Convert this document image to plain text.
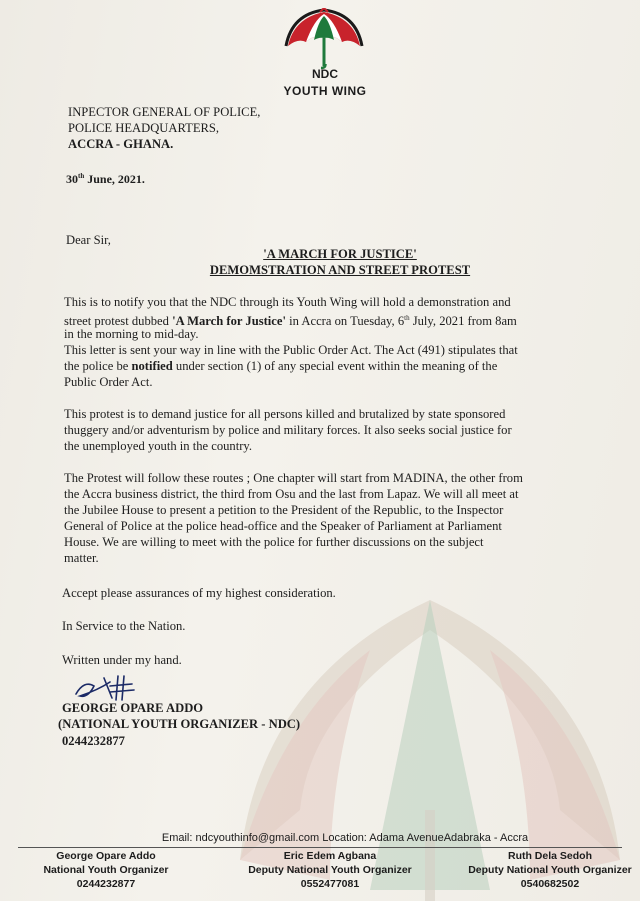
NDC
YOUTH WING
INPECTOR GENERAL OF POLICE,
POLICE HEADQUARTERS,
ACCRA - GHANA.
30th June, 2021.
Dear Sir,
'A MARCH FOR JUSTICE'
DEMOMSTRATION AND STREET PROTEST
This is to notify you that the NDC through its Youth Wing will hold a demonstration and
street protest dubbed 'A March for Justice' in Accra on Tuesday, 6th July, 2021 from 8am
in the morning to mid-day.
This letter is sent your way in line with the Public Order Act. The Act (491) stipulates that
the police be notified under section (1) of any special event within the meaning of the
Public Order Act.
This protest is to demand justice for all persons killed and brutalized by state sponsored
thuggery and/or adventurism by police and military forces. It also seeks social justice for
the unemployed youth in the country.
The Protest will follow these routes ; One chapter will start from MADINA, the other from
the Accra business district, the third from Osu and the last from Lapaz. We will all meet at
the Jubilee House to present a petition to the President of the Republic, to the Inspector
General of Police at the police head-office and the Speaker of Parliament at Parliament
House. We are willing to meet with the police for further discussions on the subject
matter.
Accept please assurances of my highest consideration.
In Service to the Nation.
Written under my hand.
GEORGE OPARE ADDO
(NATIONAL YOUTH ORGANIZER - NDC)
0244232877
Email: ndcyouthinfo@gmail.com Location: Adama AvenueAdabraka - Accra
George Opare Addo
National Youth Organizer
0244232877
Eric Edem Agbana
Deputy National Youth Organizer
0552477081
Ruth Dela Sedoh
Deputy National Youth Organizer
0540682502
